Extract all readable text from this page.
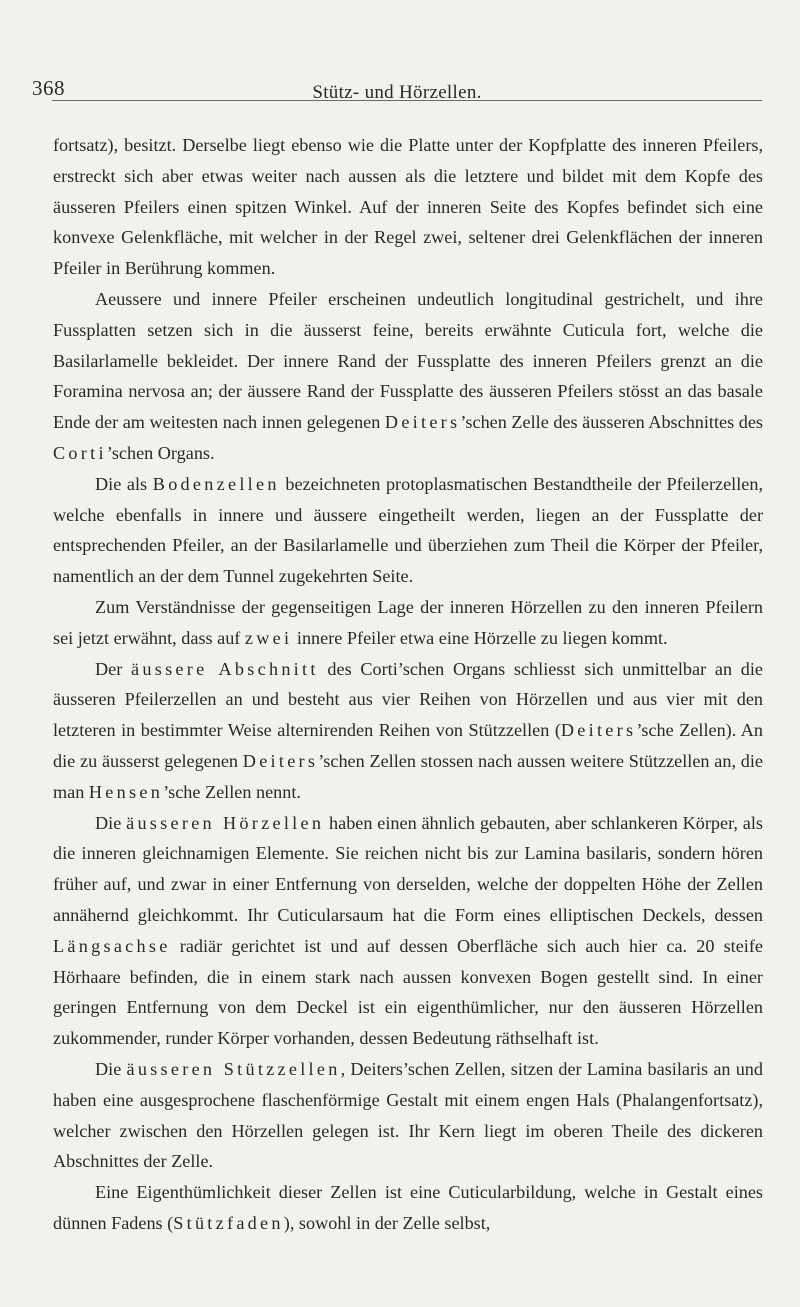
368	Stütz- und Hörzellen.

fortsatz), besitzt. Derselbe liegt ebenso wie die Platte unter der Kopfplatte des inneren Pfeilers, erstreckt sich aber etwas weiter nach aussen als die letztere und bildet mit dem Kopfe des äusseren Pfeilers einen spitzen Winkel. Auf der inneren Seite des Kopfes befindet sich eine konvexe Gelenkfläche, mit welcher in der Regel zwei, seltener drei Gelenkflächen der inneren Pfeiler in Berührung kommen.

Aeussere und innere Pfeiler erscheinen undeutlich longitudinal gestrichelt, und ihre Fussplatten setzen sich in die äusserst feine, bereits erwähnte Cuticula fort, welche die Basilarlamelle bekleidet. Der innere Rand der Fussplatte des inneren Pfeilers grenzt an die Foramina nervosa an; der äussere Rand der Fussplatte des äusseren Pfeilers stösst an das basale Ende der am weitesten nach innen gelegenen Deiters’schen Zelle des äusseren Abschnittes des Corti’schen Organs.

Die als Bodenzellen bezeichneten protoplasmatischen Bestandtheile der Pfeilerzellen, welche ebenfalls in innere und äussere eingetheilt werden, liegen an der Fussplatte der entsprechenden Pfeiler, an der Basilarlamelle und überziehen zum Theil die Körper der Pfeiler, namentlich an der dem Tunnel zugekehrten Seite.

Zum Verständnisse der gegenseitigen Lage der inneren Hörzellen zu den inneren Pfeilern sei jetzt erwähnt, dass auf zwei innere Pfeiler etwa eine Hörzelle zu liegen kommt.

Der äussere Abschnitt des Corti’schen Organs schliesst sich unmittelbar an die äusseren Pfeilerzellen an und besteht aus vier Reihen von Hörzellen und aus vier mit den letzteren in bestimmter Weise alternirenden Reihen von Stützzellen (Deiters’sche Zellen). An die zu äusserst gelegenen Deiters’schen Zellen stossen nach aussen weitere Stützzellen an, die man Hensen’sche Zellen nennt.

Die äusseren Hörzellen haben einen ähnlich gebauten, aber schlankeren Körper, als die inneren gleichnamigen Elemente. Sie reichen nicht bis zur Lamina basilaris, sondern hören früher auf, und zwar in einer Entfernung von derselden, welche der doppelten Höhe der Zellen annähernd gleichkommt. Ihr Cuticularsaum hat die Form eines elliptischen Deckels, dessen Längsachse radiär gerichtet ist und auf dessen Oberfläche sich auch hier ca. 20 steife Hörhaare befinden, die in einem stark nach aussen konvexen Bogen gestellt sind. In einer geringen Entfernung von dem Deckel ist ein eigenthümlicher, nur den äusseren Hörzellen zukommender, runder Körper vorhanden, dessen Bedeutung räthselhaft ist.

Die äusseren Stützzellen, Deiters’schen Zellen, sitzen der Lamina basilaris an und haben eine ausgesprochene flaschenförmige Gestalt mit einem engen Hals (Phalangenfortsatz), welcher zwischen den Hörzellen gelegen ist. Ihr Kern liegt im oberen Theile des dickeren Abschnittes der Zelle.

Eine Eigenthümlichkeit dieser Zellen ist eine Cuticularbildung, welche in Gestalt eines dünnen Fadens (Stützfaden), sowohl in der Zelle selbst,
